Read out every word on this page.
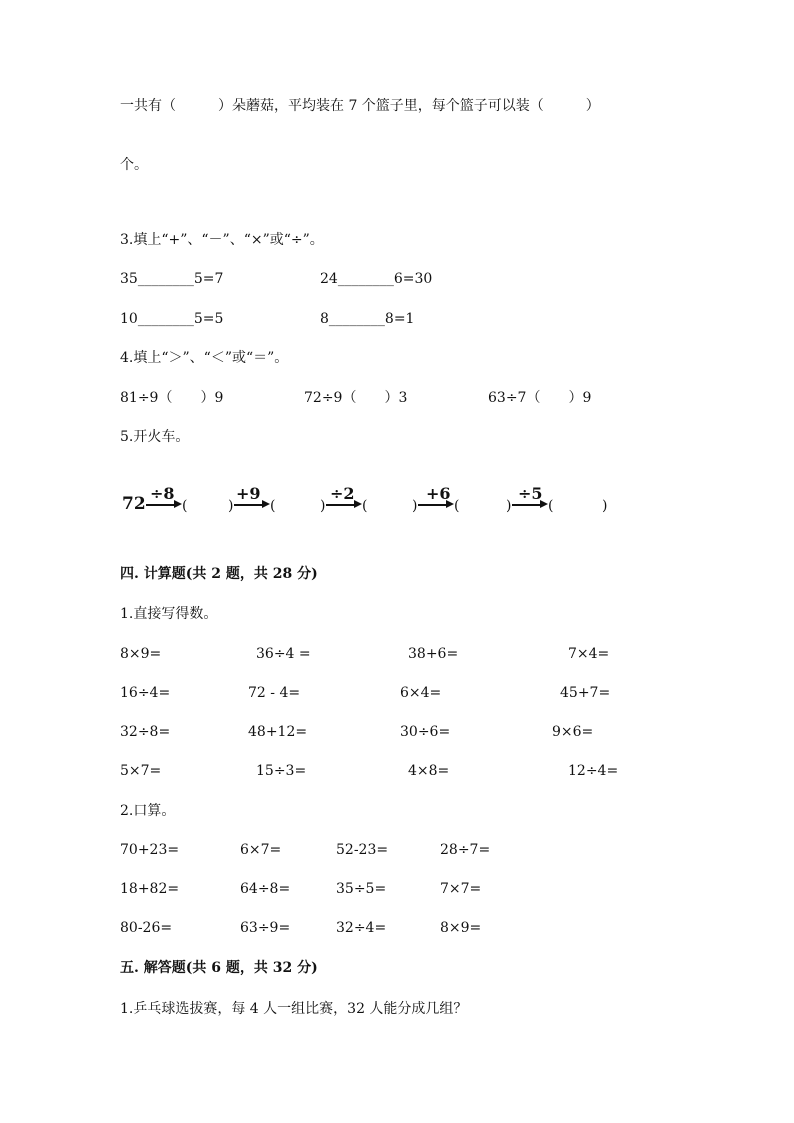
一共有（　　　）朵蘑菇，平均装在 7 个篮子里，每个篮子可以装（　　　）
个。
3.填上“+”、“－”、“×”或“÷”。
35________5=7	24________6=30
10________5=5	8________8=1
4.填上“＞”、“＜”或“＝”。
81÷9（　　）9	72÷9（　　）3	63÷7（　　）9
5.开火车。
72
÷8
(	)
+9
(	)
÷2
(	)
+6
(	)
÷5
(	)
四. 计算题(共 2 题，共 28 分)
1.直接写得数。
8×9=	36÷4 =	38+6=	7×4=
16÷4=	72 - 4=	6×4=	45+7=
32÷8=	48+12=	30÷6=	9×6=
5×7=	15÷3=	4×8=	12÷4=
2.口算。
70+23=	6×7=	52-23=	28÷7=
18+82=	64÷8=	35÷5=	7×7=
80-26=	63÷9=	32÷4=	8×9=
五. 解答题(共 6 题，共 32 分)
1.乒乓球选拔赛，每 4 人一组比赛，32 人能分成几组？
